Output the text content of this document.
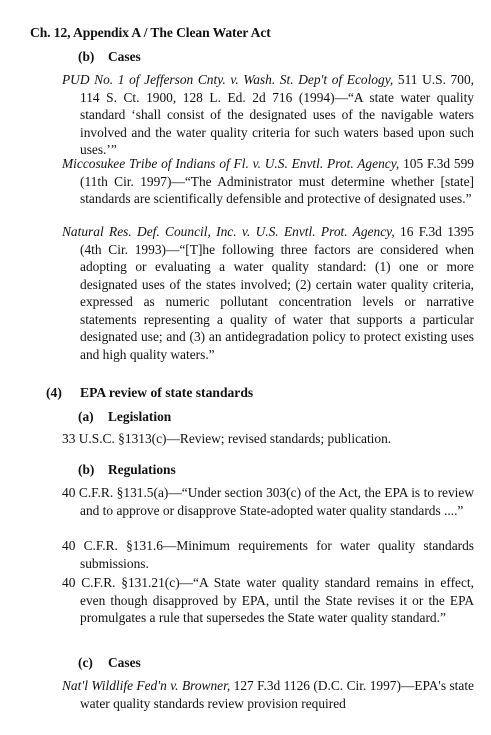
Ch. 12, Appendix A / The Clean Water Act
(b) Cases
PUD No. 1 of Jefferson Cnty. v. Wash. St. Dep't of Ecology, 511 U.S. 700, 114 S. Ct. 1900, 128 L. Ed. 2d 716 (1994)—“A state water quality standard ‘shall consist of the designated uses of the navigable waters involved and the water quality criteria for such waters based upon such uses.’”
Miccosukee Tribe of Indians of Fl. v. U.S. Envtl. Prot. Agency, 105 F.3d 599 (11th Cir. 1997)—“The Administrator must determine whether [state] standards are scientifically defensible and protective of designated uses.”
Natural Res. Def. Council, Inc. v. U.S. Envtl. Prot. Agency, 16 F.3d 1395 (4th Cir. 1993)—“[T]he following three factors are considered when adopting or evaluating a water quality standard: (1) one or more designated uses of the states involved; (2) certain water quality criteria, expressed as numeric pollutant concentration levels or narrative statements representing a quality of water that supports a particular designated use; and (3) an antidegradation policy to protect existing uses and high quality waters.”
(4) EPA review of state standards
(a) Legislation
33 U.S.C. §1313(c)—Review; revised standards; publication.
(b) Regulations
40 C.F.R. §131.5(a)—“Under section 303(c) of the Act, the EPA is to review and to approve or disapprove State-adopted water quality standards ....”
40 C.F.R. §131.6—Minimum requirements for water quality standards submissions.
40 C.F.R. §131.21(c)—“A State water quality standard remains in effect, even though disapproved by EPA, until the State revises it or the EPA promulgates a rule that supersedes the State water quality standard.”
(c) Cases
Nat'l Wildlife Fed'n v. Browner, 127 F.3d 1126 (D.C. Cir. 1997)—EPA's state water quality standards review provision required
